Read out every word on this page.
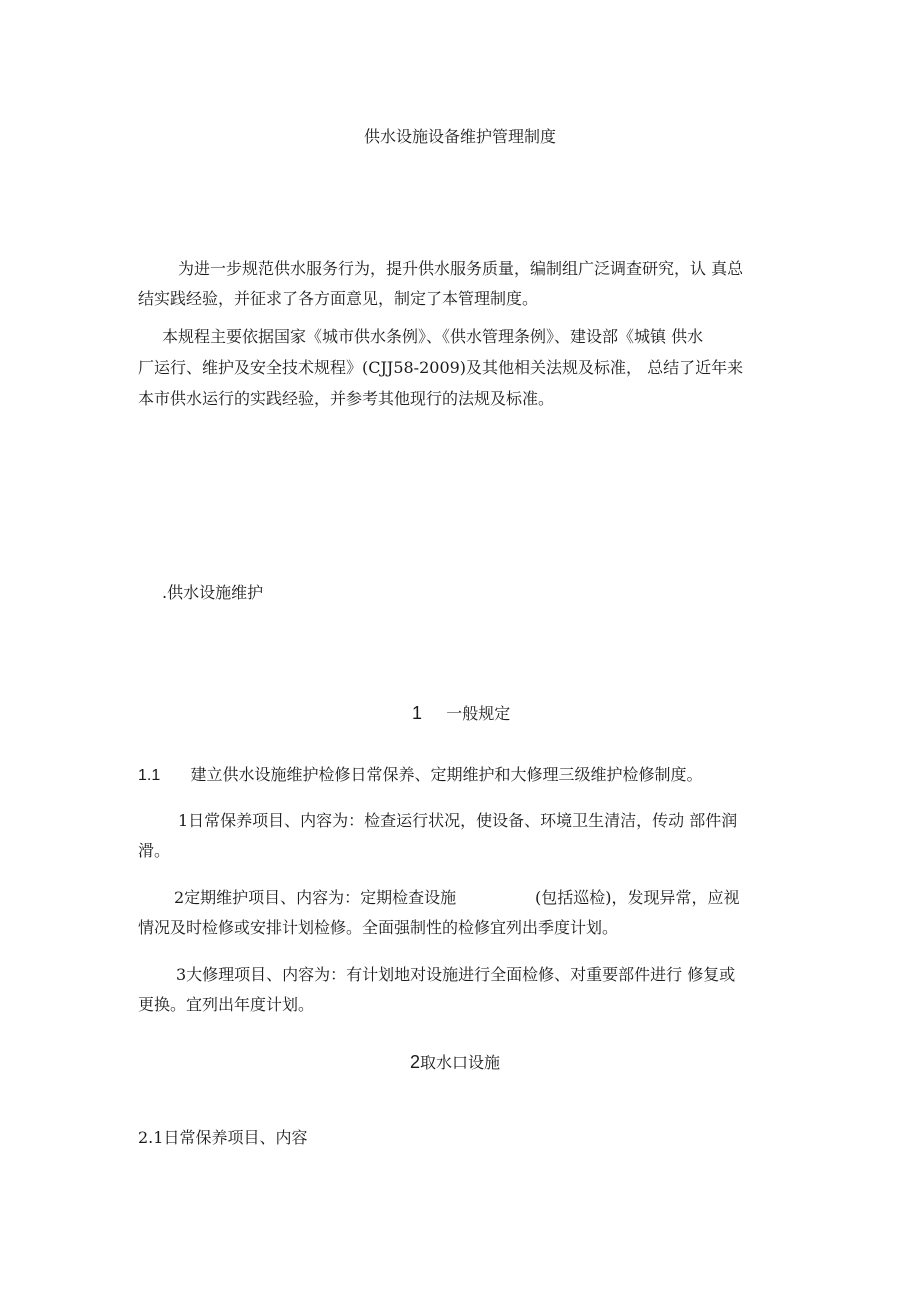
供水设施设备维护管理制度

为进一步规范供水服务行为，提升供水服务质量，编制组广泛调查研究，认 真总

结实践经验，并征求了各方面意见，制定了本管理制度。

本规程主要依据国家《城市供水条例》、《供水管理条例》、建设部《城镇 供水

厂运行、维护及安全技术规程》(CJJ58-2009)及其他相关法规及标准， 总结了近年来

本市供水运行的实践经验，并参考其他现行的法规及标准。

.供水设施维护

1 一般规定
1.1 建立供水设施维护检修日常保养、定期维护和大修理三级维护检修制度。

1日常保养项目、内容为：检查运行状况，使设备、环境卫生清洁，传动 部件润

滑。

2定期维护项目、内容为：定期检查设施	(包括巡检)，发现异常，应视

情况及时检修或安排计划检修。全面强制性的检修宜列出季度计划。

3大修理项目、内容为：有计划地对设施进行全面检修、对重要部件进行 修复或

更换。宜列出年度计划。

2取水口设施

2.1日常保养项目、内容
